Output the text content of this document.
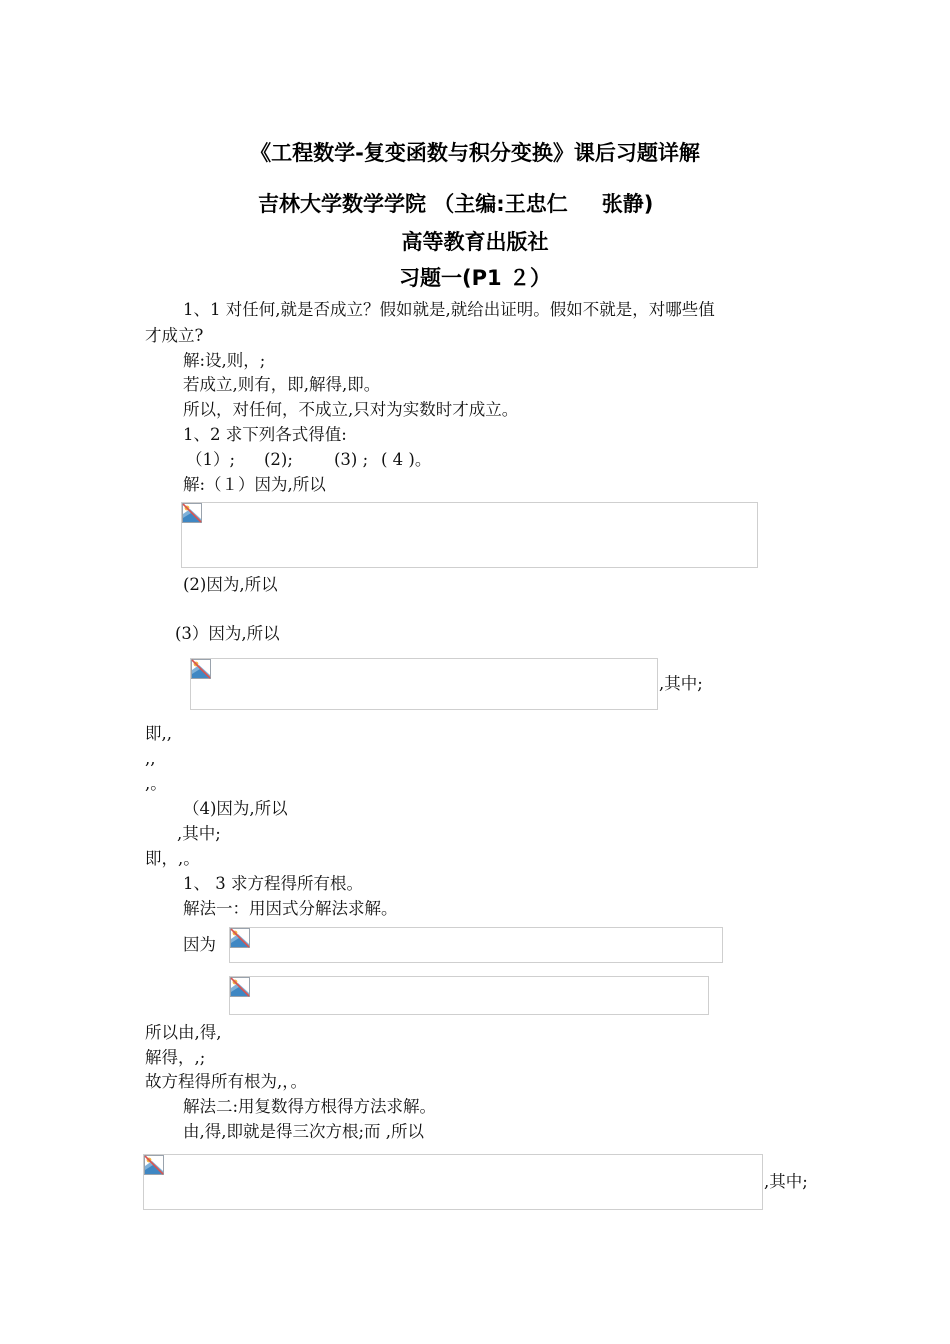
《工程数学-复变函数与积分变换》课后习题详解
吉林大学数学学院 （主编:王忠仁 张静)
高等教育出版社
习题一(P1 ２）
1、1 对任何,就是否成立？假如就是,就给出证明。假如不就是，对哪些值
才成立?
解:设,则，;
若成立,则有，即,解得,即。
所以，对任何，不成立,只对为实数时才成立。
1、2 求下列各式得值:
（1）; (2); (3) ; ( 4 )。
解:（１）因为,所以
(2)因为,所以
(3）因为,所以
,其中;
即,,
,,
,。
（4)因为,所以
,其中;
即，,。
1、 3 求方程得所有根。
解法一：用因式分解法求解。
因为
所以由,得,
解得，,;
故方程得所有根为,，。
解法二:用复数得方根得方法求解。
由,得,即就是得三次方根;而 ,所以
,其中;
